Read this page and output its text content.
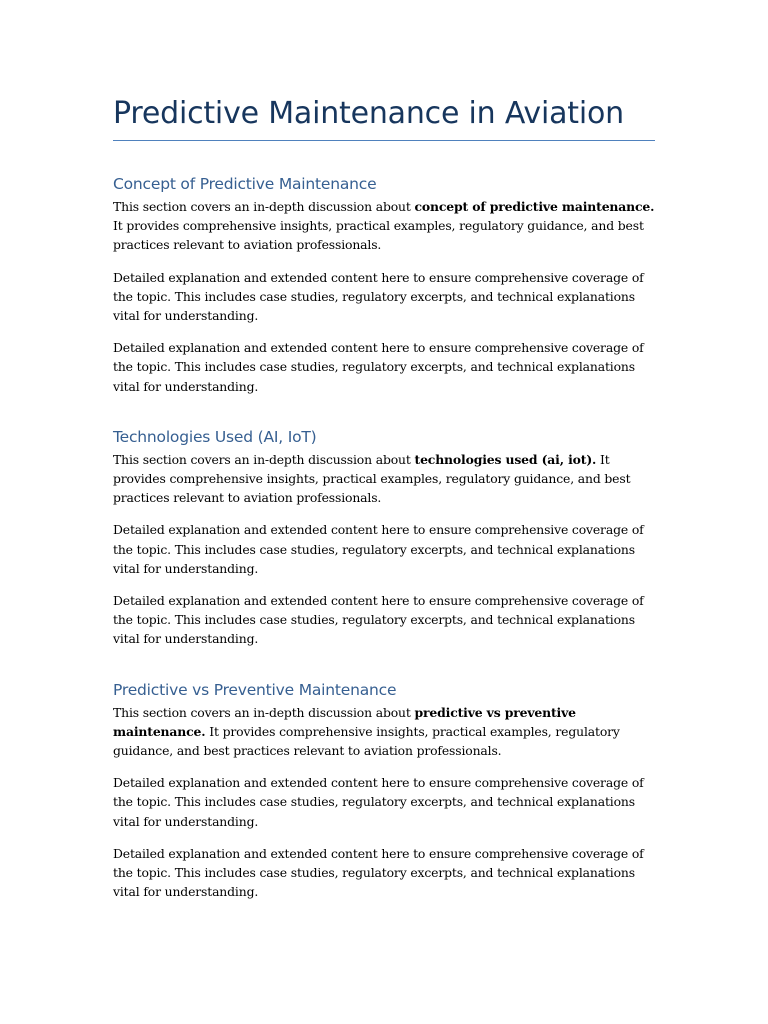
Predictive Maintenance in Aviation
Concept of Predictive Maintenance

This section covers an in-depth discussion about concept of predictive maintenance. It provides comprehensive insights, practical examples, regulatory guidance, and best practices relevant to aviation professionals.

Detailed explanation and extended content here to ensure comprehensive coverage of the topic. This includes case studies, regulatory excerpts, and technical explanations vital for understanding.

Detailed explanation and extended content here to ensure comprehensive coverage of the topic. This includes case studies, regulatory excerpts, and technical explanations vital for understanding.

Technologies Used (AI, IoT)

This section covers an in-depth discussion about technologies used (ai, iot). It provides comprehensive insights, practical examples, regulatory guidance, and best practices relevant to aviation professionals.

Detailed explanation and extended content here to ensure comprehensive coverage of the topic. This includes case studies, regulatory excerpts, and technical explanations vital for understanding.

Detailed explanation and extended content here to ensure comprehensive coverage of the topic. This includes case studies, regulatory excerpts, and technical explanations vital for understanding.

Predictive vs Preventive Maintenance

This section covers an in-depth discussion about predictive vs preventive maintenance. It provides comprehensive insights, practical examples, regulatory guidance, and best practices relevant to aviation professionals.

Detailed explanation and extended content here to ensure comprehensive coverage of the topic. This includes case studies, regulatory excerpts, and technical explanations vital for understanding.

Detailed explanation and extended content here to ensure comprehensive coverage of the topic. This includes case studies, regulatory excerpts, and technical explanations vital for understanding.
